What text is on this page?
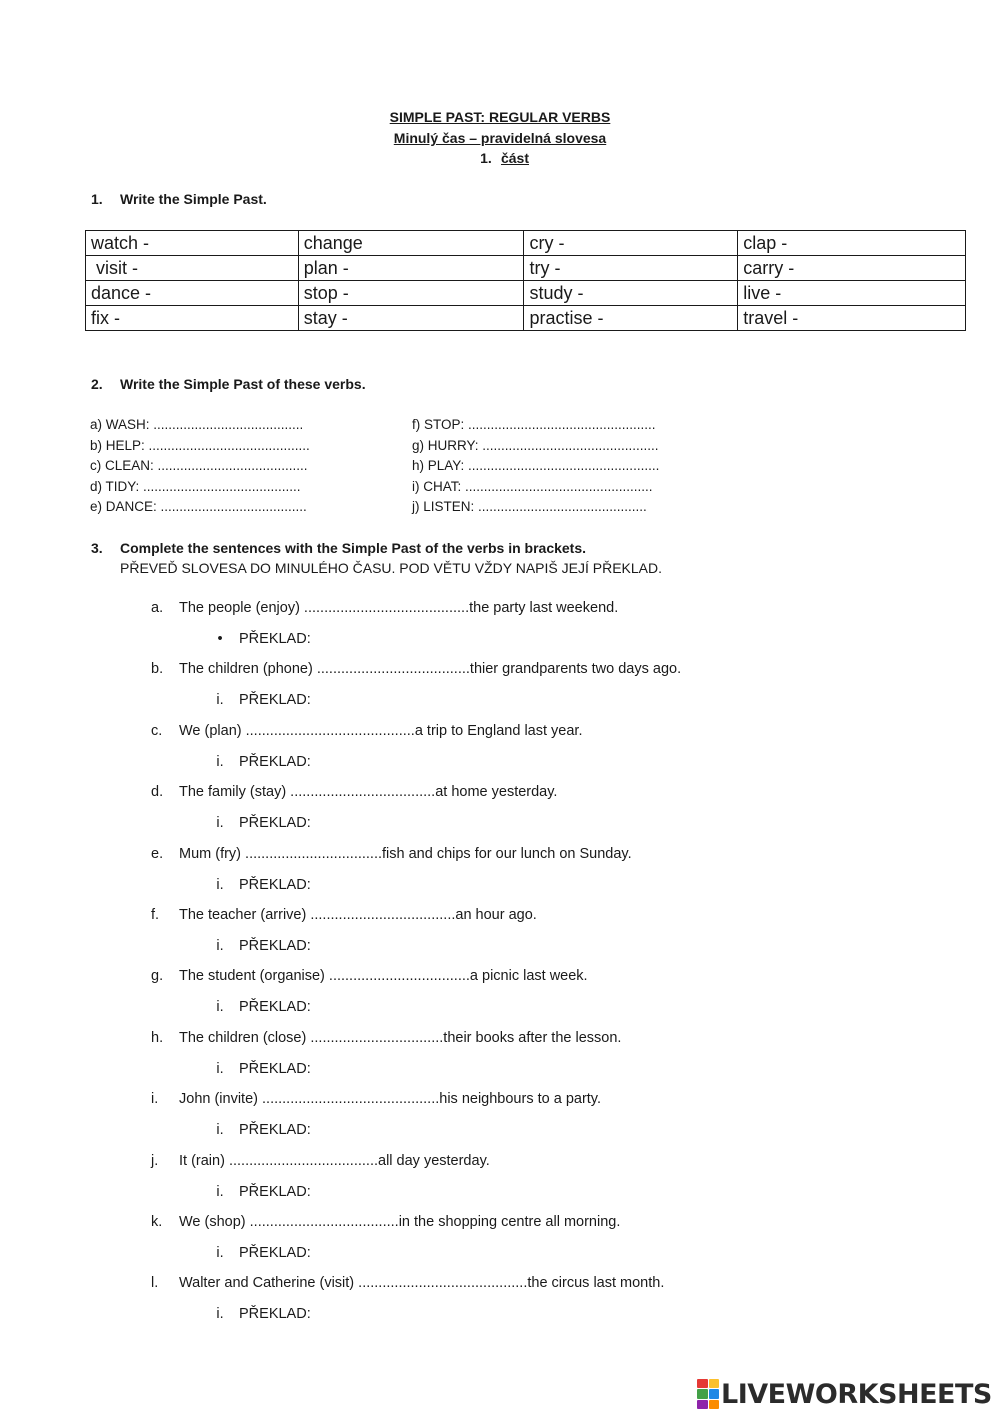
SIMPLE PAST: REGULAR VERBS
Minulý čas – pravidelná slovesa
1. část
1. Write the Simple Past.
watch -	change	cry -	clap -
visit -	plan -	try -	carry -
dance -	stop -	study -	live -
fix -	stay -	practise -	travel -
2. Write the Simple Past of these verbs.
a) WASH: ........................................
b) HELP: ...........................................
c) CLEAN: ........................................
d) TIDY: ..........................................
e) DANCE: .......................................
f) STOP: ..................................................
g) HURRY: ...............................................
h) PLAY: ...................................................
i) CHAT: ..................................................
j) LISTEN: .............................................
3. Complete the sentences with the Simple Past of the verbs in brackets.
PŘEVEĎ SLOVESA DO MINULÉHO ČASU. POD VĚTU VŽDY NAPIŠ JEJÍ PŘEKLAD.
a. The people (enjoy) .........................................the party last weekend.
•	PŘEKLAD:
b. The children (phone) ......................................thier grandparents two days ago.
i.	PŘEKLAD:
c. We (plan) ..........................................a trip to England last year.
i.	PŘEKLAD:
d. The family (stay) ....................................at home yesterday.
i.	PŘEKLAD:
e. Mum (fry) ..................................fish and chips for our lunch on Sunday.
i.	PŘEKLAD:
f. The teacher (arrive) ....................................an hour ago.
i.	PŘEKLAD:
g. The student (organise) ...................................a picnic last week.
i.	PŘEKLAD:
h. The children (close) .................................their books after the lesson.
i.	PŘEKLAD:
i. John (invite) ............................................his neighbours to a party.
i.	PŘEKLAD:
j. It (rain) .....................................all day yesterday.
i.	PŘEKLAD:
k. We (shop) .....................................in the shopping centre all morning.
i.	PŘEKLAD:
l. Walter and Catherine (visit) ..........................................the circus last month.
i.	PŘEKLAD:
LIVEWORKSHEETS
